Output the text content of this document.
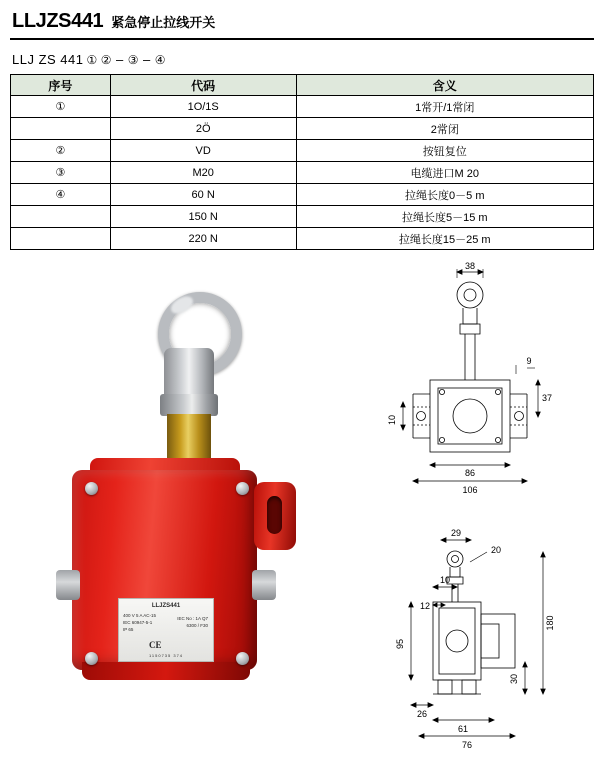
LLJZS441 紧急停止拉线开关
LLJ ZS 441 ① ② – ③ – ④
序号	代码	含义
①	1O/1S	1常开/1常闭
	2Ö	2常闭
②	VD	按钮复位
③	M20	电缆进口M 20
④	60 N	拉绳长度0－5 m
	150 N	拉绳长度5－15 m
	220 N	拉绳长度15－25 m
LLJZS441
400 V 5 A AC-15
IEC 60947-5-1
IP 65
IEC No : 1A Q7
6300 / F30
CE
1150735 374
38
9
37
10
86
106
29
20
10
12
95
180
30
26
61
76
